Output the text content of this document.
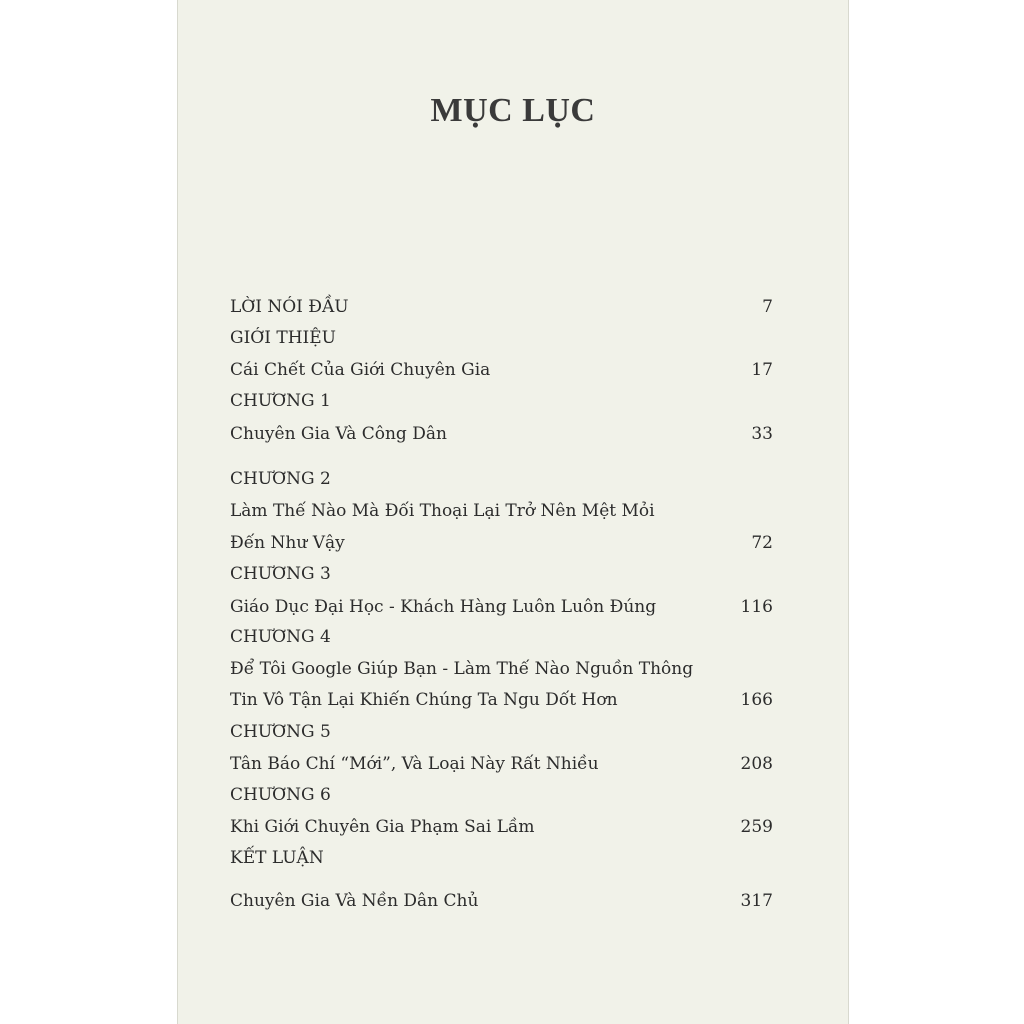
MỤC LỤC
LỜI NÓI ĐẦU	7
GIỚI THIỆU
Cái Chết Của Giới Chuyên Gia	17
CHƯƠNG 1
Chuyên Gia Và Công Dân	33
CHƯƠNG 2
Làm Thế Nào Mà Đối Thoại Lại Trở Nên Mệt Mỏi
Đến Như Vậy	72
CHƯƠNG 3
Giáo Dục Đại Học - Khách Hàng Luôn Luôn Đúng	116
CHƯƠNG 4
Để Tôi Google Giúp Bạn - Làm Thế Nào Nguồn Thông
Tin Vô Tận Lại Khiến Chúng Ta Ngu Dốt Hơn	166
CHƯƠNG 5
Tân Báo Chí “Mới”, Và Loại Này Rất Nhiều	208
CHƯƠNG 6
Khi Giới Chuyên Gia Phạm Sai Lầm	259
KẾT LUẬN
Chuyên Gia Và Nền Dân Chủ	317
